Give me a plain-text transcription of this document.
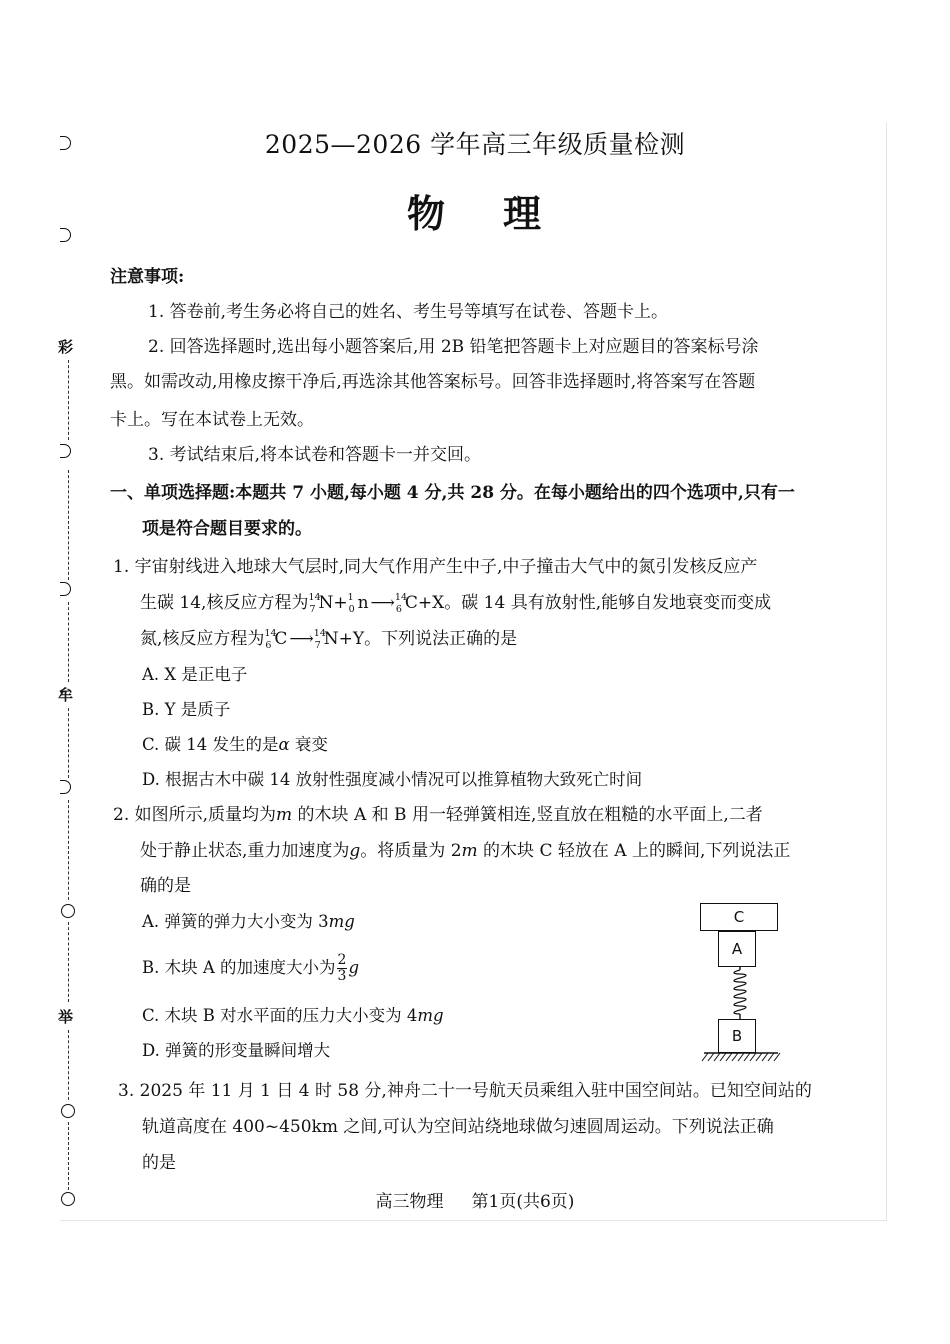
彩
牟
举
2025—2026 学年高三年级质量检测
物 理
注意事项:
1. 答卷前,考生务必将自己的姓名、考生号等填写在试卷、答题卡上。
2. 回答选择题时,选出每小题答案后,用 2B 铅笔把答题卡上对应题目的答案标号涂
黑。如需改动,用橡皮擦干净后,再选涂其他答案标号。回答非选择题时,将答案写在答题
卡上。写在本试卷上无效。
3. 考试结束后,将本试卷和答题卡一并交回。
一、单项选择题:本题共 7 小题,每小题 4 分,共 28 分。在每小题给出的四个选项中,只有一
项是符合题目要求的。
1. 宇宙射线进入地球大气层时,同大气作用产生中子,中子撞击大气中的氮引发核反应产
生碳 14,核反应方程为 14
7 N+ 1
0 n ⟶ 14
6 C+X。碳 14 具有放射性,能够自发地衰变而变成
氮,核反应方程为 14
6 C ⟶ 14
7 N+Y。下列说法正确的是
A. X 是正电子
B. Y 是质子
C. 碳 14 发生的是α 衰变
D. 根据古木中碳 14 放射性强度减小情况可以推算植物大致死亡时间
2. 如图所示,质量均为m 的木块 A 和 B 用一轻弹簧相连,竖直放在粗糙的水平面上,二者
处于静止状态,重力加速度为g。将质量为 2m 的木块 C 轻放在 A 上的瞬间,下列说法正
确的是
A. 弹簧的弹力大小变为 3mg
B. 木块 A 的加速度大小为 $\frac{2}{3}$ g
C. 木块 B 对水平面的压力大小变为 4mg
D. 弹簧的形变量瞬间增大
C
A
B
3. 2025 年 11 月 1 日 4 时 58 分,神舟二十一号航天员乘组入驻中国空间站。已知空间站的
轨道高度在 400~450km 之间,可认为空间站绕地球做匀速圆周运动。下列说法正确
的是
高三物理 第1页(共6页)
